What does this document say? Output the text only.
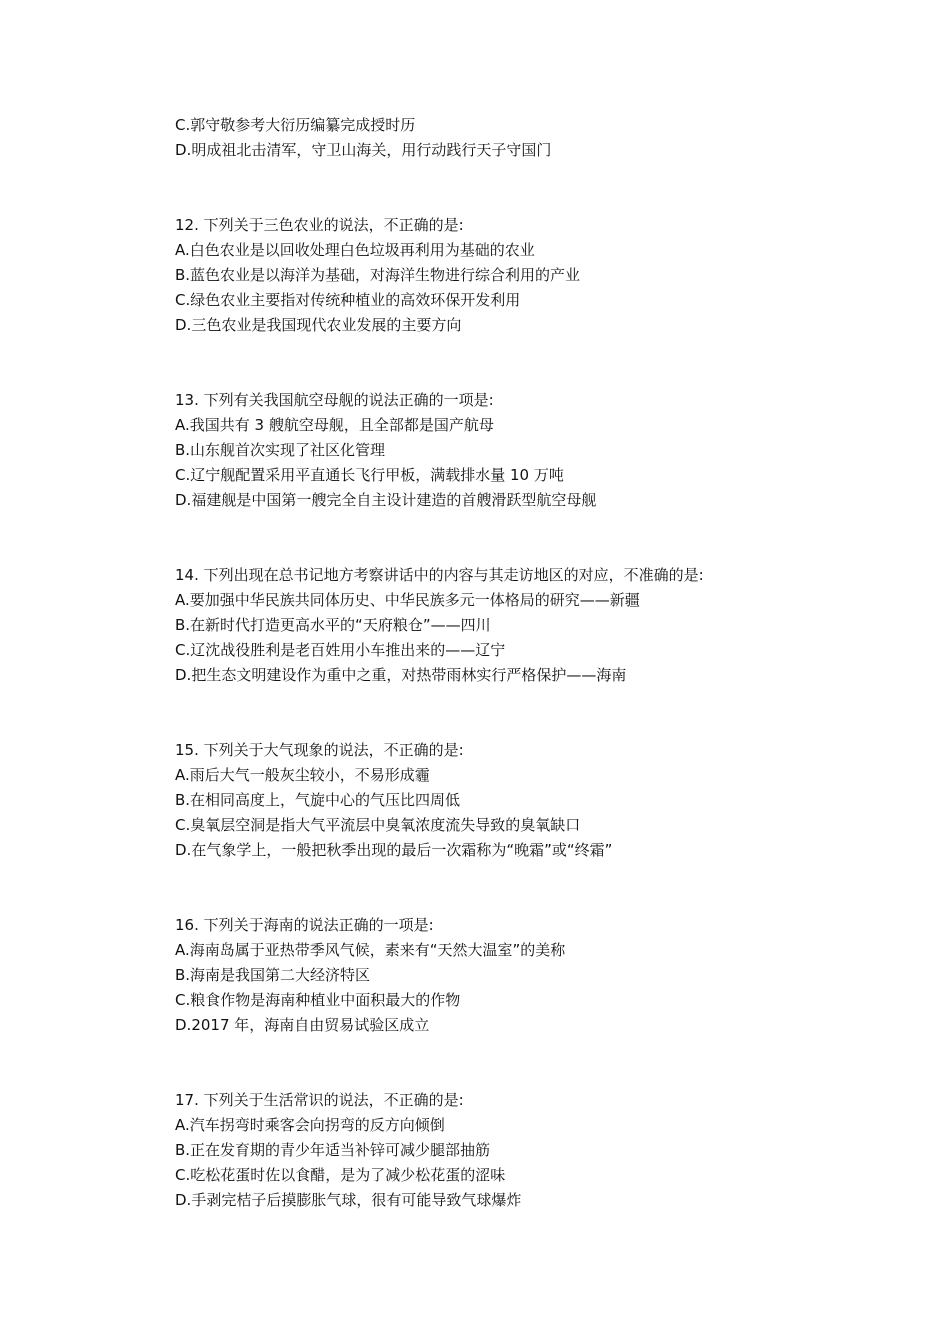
C.郭守敬参考大衍历编纂完成授时历
D.明成祖北击清军，守卫山海关，用行动践行天子守国门
12. 下列关于三色农业的说法，不正确的是:
A.白色农业是以回收处理白色垃圾再利用为基础的农业
B.蓝色农业是以海洋为基础，对海洋生物进行综合利用的产业
C.绿色农业主要指对传统种植业的高效环保开发利用
D.三色农业是我国现代农业发展的主要方向
13. 下列有关我国航空母舰的说法正确的一项是:
A.我国共有 3 艘航空母舰，且全部都是国产航母
B.山东舰首次实现了社区化管理
C.辽宁舰配置采用平直通长飞行甲板，满载排水量 10 万吨
D.福建舰是中国第一艘完全自主设计建造的首艘滑跃型航空母舰
14. 下列出现在总书记地方考察讲话中的内容与其走访地区的对应，不准确的是:
A.要加强中华民族共同体历史、中华民族多元一体格局的研究——新疆
B.在新时代打造更高水平的“天府粮仓”——四川
C.辽沈战役胜利是老百姓用小车推出来的——辽宁
D.把生态文明建设作为重中之重，对热带雨林实行严格保护——海南
15. 下列关于大气现象的说法，不正确的是:
A.雨后大气一般灰尘较小，不易形成霾
B.在相同高度上，气旋中心的气压比四周低
C.臭氧层空洞是指大气平流层中臭氧浓度流失导致的臭氧缺口
D.在气象学上，一般把秋季出现的最后一次霜称为“晚霜”或“终霜”
16. 下列关于海南的说法正确的一项是:
A.海南岛属于亚热带季风气候，素来有“天然大温室”的美称
B.海南是我国第二大经济特区
C.粮食作物是海南种植业中面积最大的作物
D.2017 年，海南自由贸易试验区成立
17. 下列关于生活常识的说法，不正确的是:
A.汽车拐弯时乘客会向拐弯的反方向倾倒
B.正在发育期的青少年适当补锌可减少腿部抽筋
C.吃松花蛋时佐以食醋，是为了减少松花蛋的涩味
D.手剥完桔子后摸膨胀气球，很有可能导致气球爆炸
